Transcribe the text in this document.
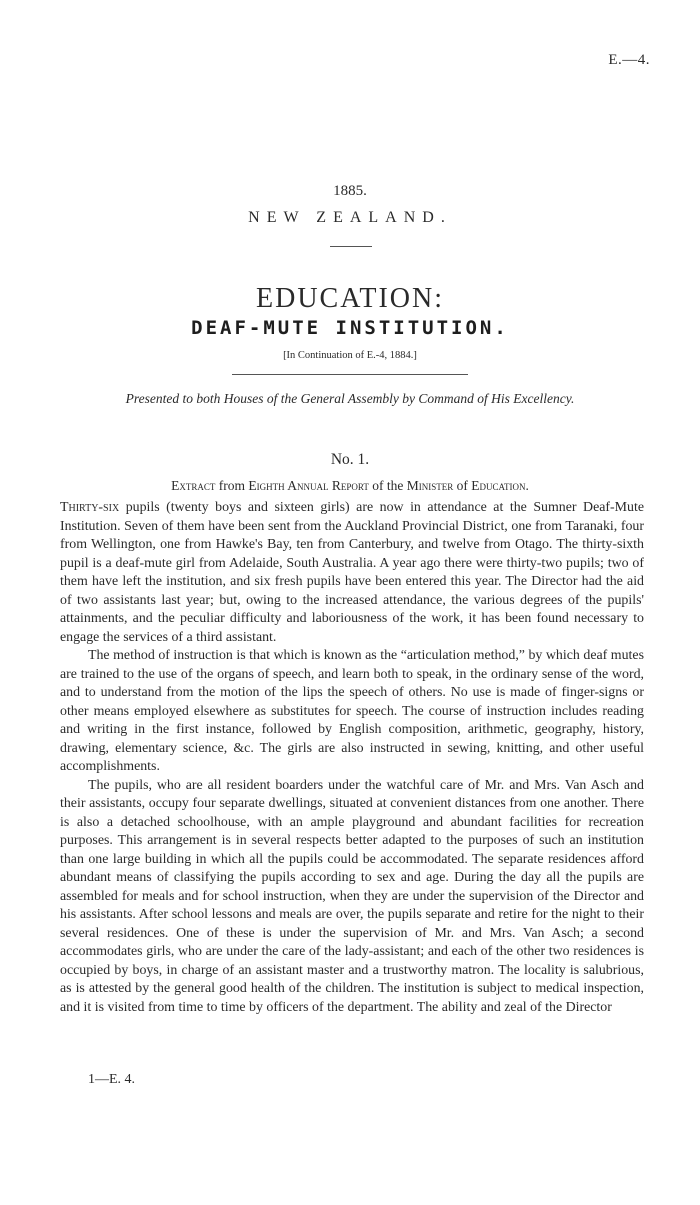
E.—4.
1885.
NEW ZEALAND.
EDUCATION:
DEAF-MUTE INSTITUTION.
[In Continuation of E.-4, 1884.]
Presented to both Houses of the General Assembly by Command of His Excellency.
No. 1.
Extract from Eighth Annual Report of the Minister of Education.

Thirty-six pupils (twenty boys and sixteen girls) are now in attendance at the Sumner Deaf-Mute Institution. Seven of them have been sent from the Auckland Provincial District, one from Taranaki, four from Wellington, one from Hawke's Bay, ten from Canterbury, and twelve from Otago. The thirty-sixth pupil is a deaf-mute girl from Adelaide, South Australia. A year ago there were thirty-two pupils; two of them have left the institution, and six fresh pupils have been entered this year. The Director had the aid of two assistants last year; but, owing to the increased attendance, the various degrees of the pupils' attainments, and the peculiar difficulty and laboriousness of the work, it has been found necessary to engage the services of a third assistant.

The method of instruction is that which is known as the “articulation method,” by which deaf mutes are trained to the use of the organs of speech, and learn both to speak, in the ordinary sense of the word, and to understand from the motion of the lips the speech of others. No use is made of finger-signs or other means employed elsewhere as substitutes for speech. The course of instruction includes reading and writing in the first instance, followed by English composition, arithmetic, geography, history, drawing, elementary science, &c. The girls are also instructed in sewing, knitting, and other useful accomplishments.

The pupils, who are all resident boarders under the watchful care of Mr. and Mrs. Van Asch and their assistants, occupy four separate dwellings, situated at convenient distances from one another. There is also a detached schoolhouse, with an ample playground and abundant facilities for recreation purposes. This arrangement is in several respects better adapted to the purposes of such an institution than one large building in which all the pupils could be accommodated. The separate residences afford abundant means of classifying the pupils according to sex and age. During the day all the pupils are assembled for meals and for school instruction, when they are under the supervision of the Director and his assistants. After school lessons and meals are over, the pupils separate and retire for the night to their several residences. One of these is under the supervision of Mr. and Mrs. Van Asch; a second accommodates girls, who are under the care of the lady-assistant; and each of the other two residences is occupied by boys, in charge of an assistant master and a trustworthy matron. The locality is salubrious, as is attested by the general good health of the children. The institution is subject to medical inspection, and it is visited from time to time by officers of the department. The ability and zeal of the Director

1—E. 4.
